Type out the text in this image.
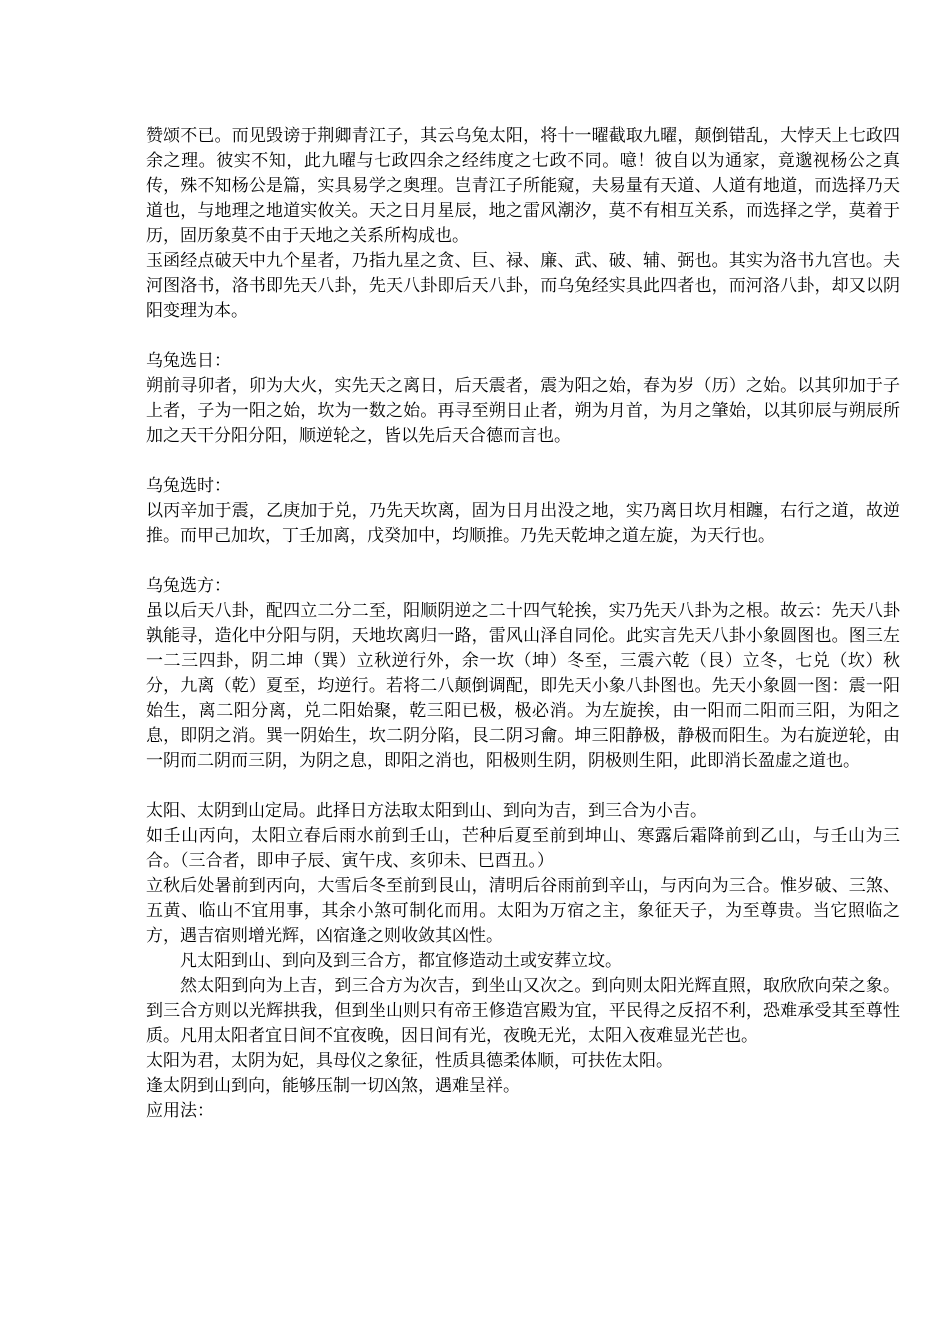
赞颂不已。而见毁谤于荆卿青江子，其云乌兔太阳，将十一曜截取九曜，颠倒错乱，大悖天上七政四余之理。彼实不知，此九曜与七政四余之经纬度之七政不同。噫！彼自以为通家，竟邈视杨公之真传，殊不知杨公是篇，实具易学之奥理。岂青江子所能窥，夫易量有天道、人道有地道，而选择乃天道也，与地理之地道实攸关。天之日月星辰，地之雷风潮汐，莫不有相互关系，而选择之学，莫着于历，固历象莫不由于天地之关系所构成也。

玉函经点破天中九个星者，乃指九星之贪、巨、禄、廉、武、破、辅、弼也。其实为洛书九宫也。夫河图洛书，洛书即先天八卦，先天八卦即后天八卦，而乌兔经实具此四者也，而河洛八卦，却又以阴阳变理为本。

乌兔选日：

朔前寻卯者，卯为大火，实先天之离日，后天震者，震为阳之始，春为岁（历）之始。以其卯加于子上者，子为一阳之始，坎为一数之始。再寻至朔日止者，朔为月首，为月之肇始，以其卯辰与朔辰所加之天干分阳分阳，顺逆轮之，皆以先后天合德而言也。

乌兔选时：

以丙辛加于震，乙庚加于兑，乃先天坎离，固为日月出没之地，实乃离日坎月相躔，右行之道，故逆推。而甲己加坎，丁壬加离，戊癸加中，均顺推。乃先天乾坤之道左旋，为天行也。

乌兔选方：

虽以后天八卦，配四立二分二至，阳顺阴逆之二十四气轮挨，实乃先天八卦为之根。故云：先天八卦孰能寻，造化中分阳与阴，天地坎离归一路，雷风山泽自同伦。此实言先天八卦小象圆图也。图三左一二三四卦，阴二坤（巽）立秋逆行外，余一坎（坤）冬至，三震六乾（艮）立冬，七兑（坎）秋分，九离（乾）夏至，均逆行。若将二八颠倒调配，即先天小象八卦图也。先天小象圆一图：震一阳始生，离二阳分离，兑二阳始聚，乾三阳已极，极必消。为左旋挨，由一阳而二阳而三阳，为阳之息，即阴之消。巽一阴始生，坎二阴分陷，艮二阴习龠。坤三阳静极，静极而阳生。为右旋逆轮，由一阴而二阴而三阴，为阴之息，即阳之消也，阳极则生阴，阴极则生阳，此即消长盈虚之道也。

太阳、太阴到山定局。此择日方法取太阳到山、到向为吉，到三合为小吉。

如壬山丙向，太阳立春后雨水前到壬山，芒种后夏至前到坤山、寒露后霜降前到乙山，与壬山为三合。（三合者，即申子辰、寅午戌、亥卯未、巳酉丑。）

立秋后处暑前到丙向，大雪后冬至前到艮山，清明后谷雨前到辛山，与丙向为三合。惟岁破、三煞、五黄、临山不宜用事，其余小煞可制化而用。太阳为万宿之主，象征天子，为至尊贵。当它照临之方，遇吉宿则增光辉，凶宿逢之则收敛其凶性。

凡太阳到山、到向及到三合方，都宜修造动土或安葬立坟。

然太阳到向为上吉，到三合方为次吉，到坐山又次之。到向则太阳光辉直照，取欣欣向荣之象。到三合方则以光辉拱我，但到坐山则只有帝王修造宫殿为宜，平民得之反招不利，恐难承受其至尊性质。凡用太阳者宜日间不宜夜晚，因日间有光，夜晚无光，太阳入夜难显光芒也。

太阳为君，太阴为妃，具母仪之象征，性质具德柔体顺，可扶佐太阳。

逢太阴到山到向，能够压制一切凶煞，遇难呈祥。

应用法：
